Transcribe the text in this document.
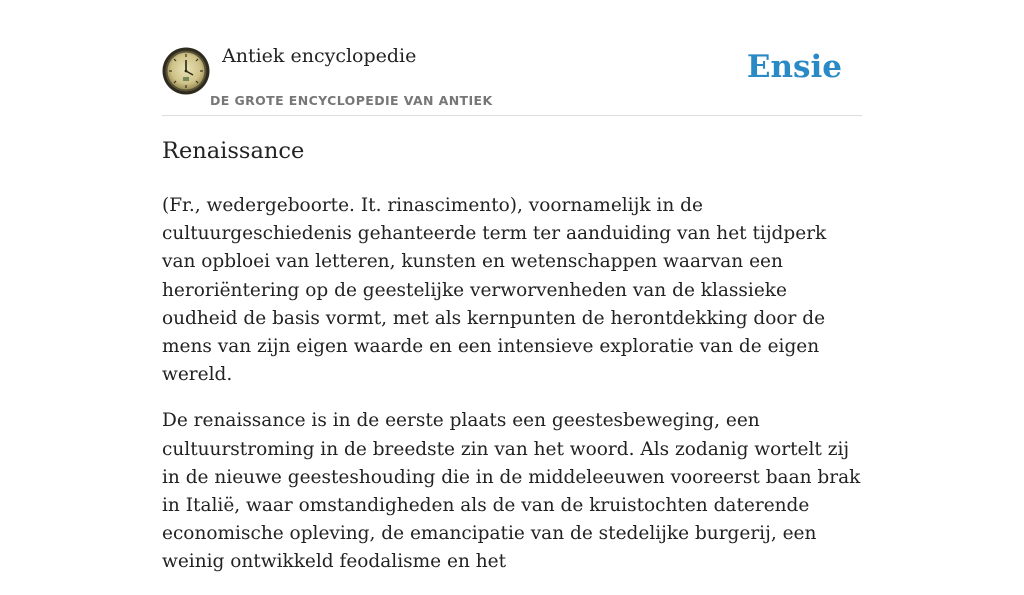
Antiek encyclopedie
DE GROTE ENCYCLOPEDIE VAN ANTIEK
Ensie
Renaissance

(Fr., wedergeboorte. It. rinascimento), voornamelijk in de cultuurgeschiedenis gehanteerde term ter aanduiding van het tijdperk van opbloei van letteren, kunsten en wetenschappen waarvan een heroriëntering op de geestelijke verworvenheden van de klassieke oudheid de basis vormt, met als kernpunten de herontdekking door de mens van zijn eigen waarde en een intensieve exploratie van de eigen wereld.

De renaissance is in de eerste plaats een geestesbeweging, een cultuurstroming in de breedste zin van het woord. Als zodanig wortelt zij in de nieuwe geesteshouding die in de middeleeuwen vooreerst baan brak in Italië, waar omstandigheden als de van de kruistochten daterende economische opleving, de emancipatie van de stedelijke burgerij, een weinig ontwikkeld feodalisme en het
